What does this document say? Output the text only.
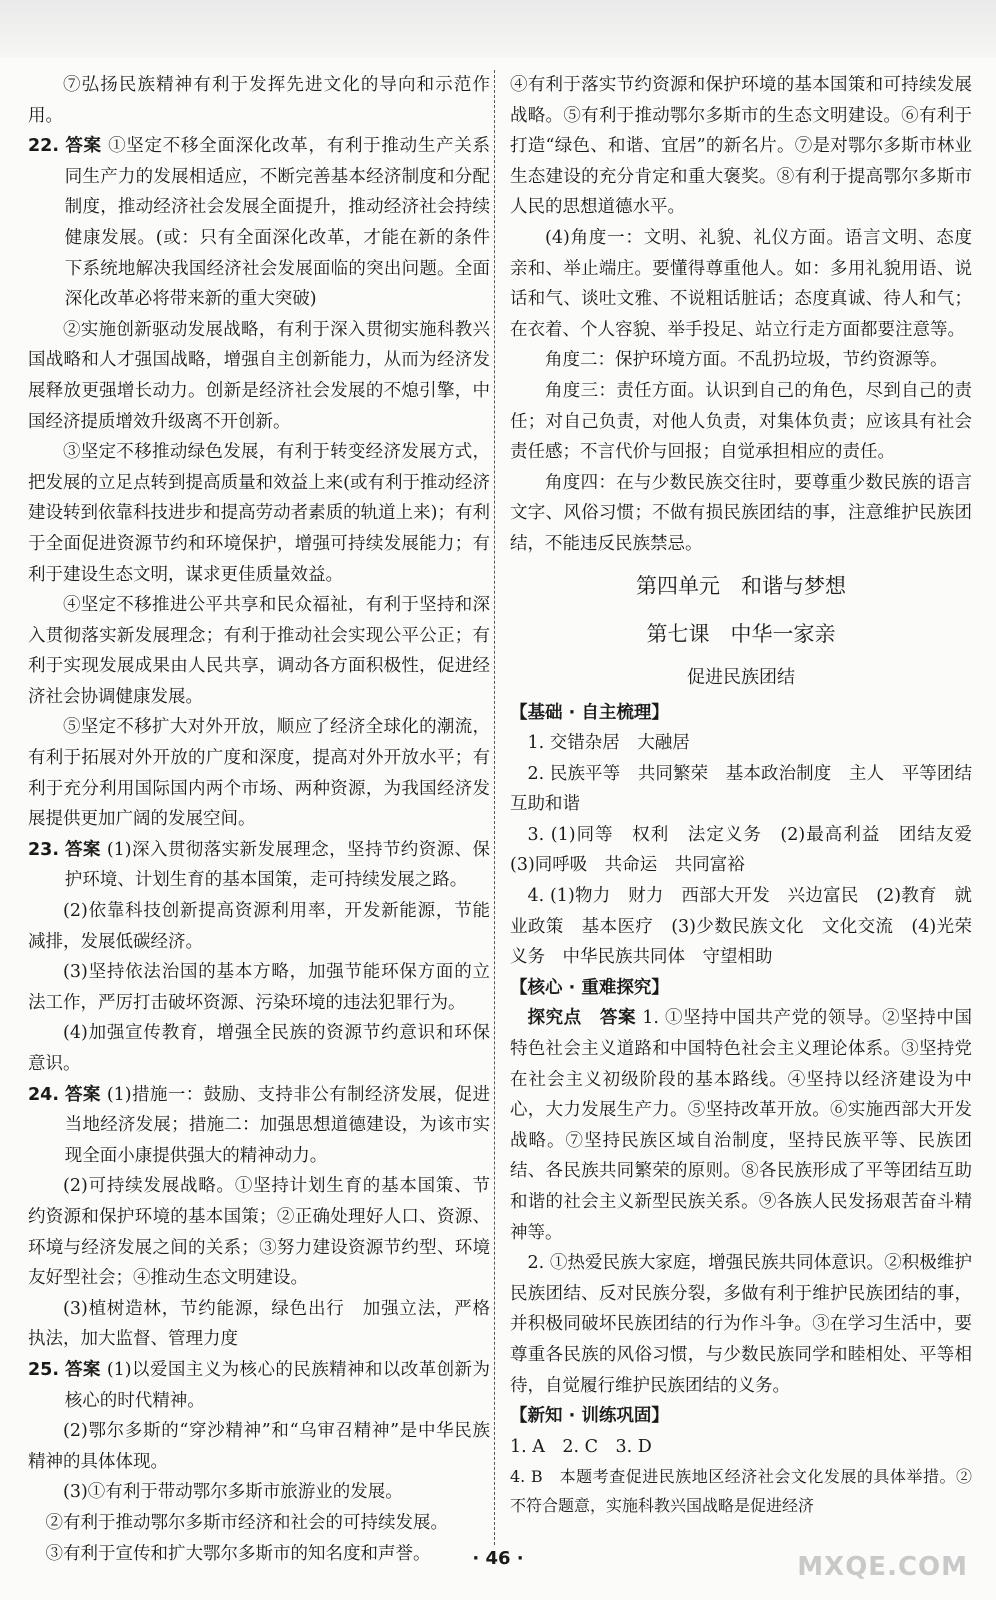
⑦弘扬民族精神有利于发挥先进文化的导向和示范作用。

22. 答案 ①坚定不移全面深化改革，有利于推动生产关系同生产力的发展相适应，不断完善基本经济制度和分配制度，推动经济社会发展全面提升，推动经济社会持续健康发展。(或：只有全面深化改革，才能在新的条件下系统地解决我国经济社会发展面临的突出问题。全面深化改革必将带来新的重大突破)

②实施创新驱动发展战略，有利于深入贯彻实施科教兴国战略和人才强国战略，增强自主创新能力，从而为经济发展释放更强增长动力。创新是经济社会发展的不熄引擎，中国经济提质增效升级离不开创新。

③坚定不移推动绿色发展，有利于转变经济发展方式，把发展的立足点转到提高质量和效益上来(或有利于推动经济建设转到依靠科技进步和提高劳动者素质的轨道上来)；有利于全面促进资源节约和环境保护，增强可持续发展能力；有利于建设生态文明，谋求更佳质量效益。

④坚定不移推进公平共享和民众福祉，有利于坚持和深入贯彻落实新发展理念；有利于推动社会实现公平公正；有利于实现发展成果由人民共享，调动各方面积极性，促进经济社会协调健康发展。

⑤坚定不移扩大对外开放，顺应了经济全球化的潮流，有利于拓展对外开放的广度和深度，提高对外开放水平；有利于充分利用国际国内两个市场、两种资源，为我国经济发展提供更加广阔的发展空间。

23. 答案 (1)深入贯彻落实新发展理念，坚持节约资源、保护环境、计划生育的基本国策，走可持续发展之路。

(2)依靠科技创新提高资源利用率，开发新能源，节能减排，发展低碳经济。

(3)坚持依法治国的基本方略，加强节能环保方面的立法工作，严厉打击破坏资源、污染环境的违法犯罪行为。

(4)加强宣传教育，增强全民族的资源节约意识和环保意识。

24. 答案 (1)措施一：鼓励、支持非公有制经济发展，促进当地经济发展；措施二：加强思想道德建设，为该市实现全面小康提供强大的精神动力。

(2)可持续发展战略。①坚持计划生育的基本国策、节约资源和保护环境的基本国策；②正确处理好人口、资源、环境与经济发展之间的关系；③努力建设资源节约型、环境友好型社会；④推动生态文明建设。

(3)植树造林，节约能源，绿色出行　加强立法，严格执法，加大监督、管理力度

25. 答案 (1)以爱国主义为核心的民族精神和以改革创新为核心的时代精神。

(2)鄂尔多斯的“穿沙精神”和“乌审召精神”是中华民族精神的具体体现。

(3)①有利于带动鄂尔多斯市旅游业的发展。

②有利于推动鄂尔多斯市经济和社会的可持续发展。

③有利于宣传和扩大鄂尔多斯市的知名度和声誉。

④有利于落实节约资源和保护环境的基本国策和可持续发展战略。⑤有利于推动鄂尔多斯市的生态文明建设。⑥有利于打造“绿色、和谐、宜居”的新名片。⑦是对鄂尔多斯市林业生态建设的充分肯定和重大褒奖。⑧有利于提高鄂尔多斯市人民的思想道德水平。

(4)角度一：文明、礼貌、礼仪方面。语言文明、态度亲和、举止端庄。要懂得尊重他人。如：多用礼貌用语、说话和气、谈吐文雅、不说粗话脏话；态度真诚、待人和气；在衣着、个人容貌、举手投足、站立行走方面都要注意等。

角度二：保护环境方面。不乱扔垃圾，节约资源等。

角度三：责任方面。认识到自己的角色，尽到自己的责任；对自己负责，对他人负责，对集体负责；应该具有社会责任感；不言代价与回报；自觉承担相应的责任。

角度四：在与少数民族交往时，要尊重少数民族的语言文字、风俗习惯；不做有损民族团结的事，注意维护民族团结，不能违反民族禁忌。

第四单元　和谐与梦想
第七课　中华一家亲
促进民族团结

【基础 · 自主梳理】

1. 交错杂居　大融居

2. 民族平等　共同繁荣　基本政治制度　主人　平等团结互助和谐

3. (1)同等　权利　法定义务　(2)最高利益　团结友爱　(3)同呼吸　共命运　共同富裕

4. (1)物力　财力　西部大开发　兴边富民　(2)教育　就业政策　基本医疗　(3)少数民族文化　文化交流　(4)光荣义务　中华民族共同体　守望相助

【核心 · 重难探究】

探究点　答案 1. ①坚持中国共产党的领导。②坚持中国特色社会主义道路和中国特色社会主义理论体系。③坚持党在社会主义初级阶段的基本路线。④坚持以经济建设为中心，大力发展生产力。⑤坚持改革开放。⑥实施西部大开发战略。⑦坚持民族区域自治制度，坚持民族平等、民族团结、各民族共同繁荣的原则。⑧各民族形成了平等团结互助和谐的社会主义新型民族关系。⑨各族人民发扬艰苦奋斗精神等。

2. ①热爱民族大家庭，增强民族共同体意识。②积极维护民族团结、反对民族分裂，多做有利于维护民族团结的事，并积极同破坏民族团结的行为作斗争。③在学习生活中，要尊重各民族的风俗习惯，与少数民族同学和睦相处、平等相待，自觉履行维护民族团结的义务。

【新知 · 训练巩固】

1. A　2. C　3. D

4. B　本题考查促进民族地区经济社会文化发展的具体举措。②不符合题意，实施科教兴国战略是促进经济

· 46 ·	MXQE.COM
